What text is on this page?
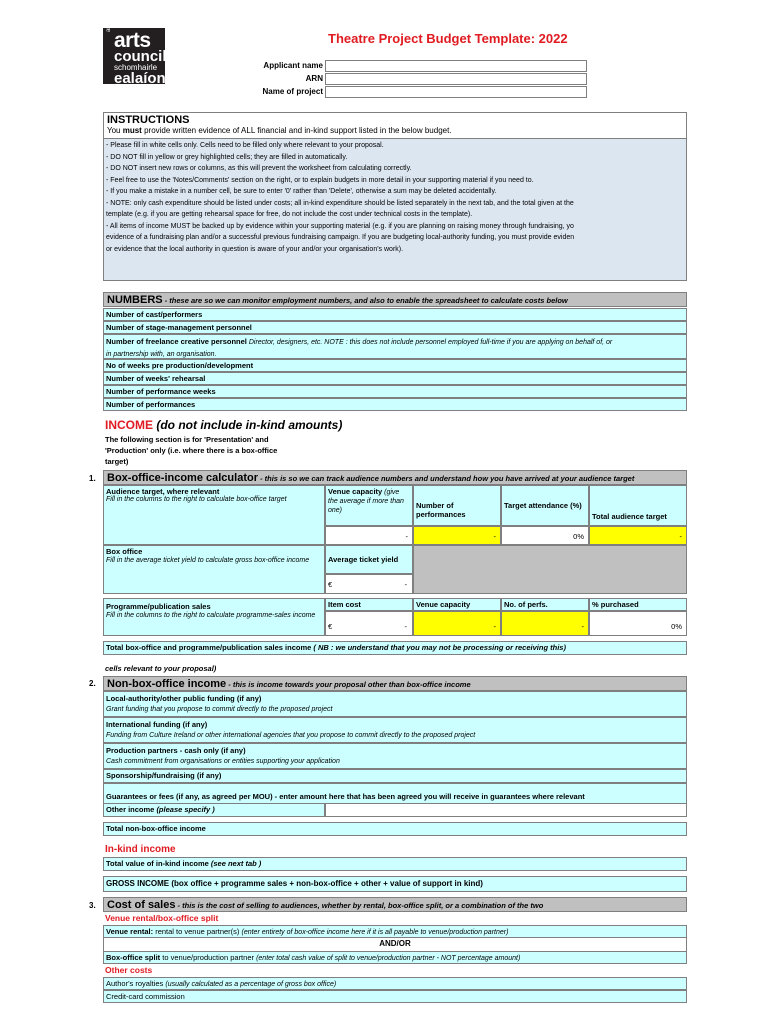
an
arts
council
schomhairle
ealaíon
Theatre Project Budget Template: 2022
Applicant name
ARN
Name of project
INSTRUCTIONS
You must provide written evidence of ALL financial and in-kind support listed in the below budget.
- Please fill in white cells only. Cells need to be filled only where relevant to your proposal.
- DO NOT fill in yellow or grey highlighted cells; they are filled in automatically.
- DO NOT insert new rows or columns, as this will prevent the worksheet from calculating correctly.
- Feel free to use the 'Notes/Comments' section on the right, or to explain budgets in more detail in your supporting material if you need to.
- If you make a mistake in a number cell, be sure to enter '0' rather than 'Delete', otherwise a sum may be deleted accidentally.
- NOTE: only cash expenditure should be listed under costs; all in-kind expenditure should be listed separately in the next tab, and the total given at the
template (e.g. if you are getting rehearsal space for free, do not include the cost under technical costs in the template).
- All items of income MUST be backed up by evidence within your supporting material (e.g. if you are planning on raising money through fundraising, yo
evidence of a fundraising plan and/or a successful previous fundraising campaign. If you are budgeting local-authority funding, you must provide eviden
or evidence that the local authority in question is aware of your and/or your organisation's work).
NUMBERS - these are so we can monitor employment numbers, and also to enable the spreadsheet to calculate costs below
Number of cast/performers
Number of stage-management personnel
Number of freelance creative personnel Director, designers, etc. NOTE : this does not include personnel employed full-time if you are applying on behalf of, or
in partnership with, an organisation.
No of weeks pre production/development
Number of weeks' rehearsal
Number of performance weeks
Number of performances
INCOME (do not include in-kind amounts)
The following section is for 'Presentation' and 'Production' only (i.e. where there is a box-office target)
1.	Box-office-income calculator - this is so we can track audience numbers and understand how you have arrived at your audience target
Audience target, where relevant
Fill in the columns to the right to calculate box-office target
Venue capacity (give the average if more than one)
Number of performances
Target attendance (%)
Total audience target
-	-	0%	-
Box office
Fill in the average ticket yield to calculate gross box-office income	Average ticket yield
€	-
Programme/publication sales
Fill in the columns to the right to calculate programme-sales income
Item cost	Venue capacity	No. of perfs.	% purchased
€	-	-	-	0%
Total box-office and programme/publication sales income ( NB : we understand that you may not be processing or receiving this)
cells relevant to your proposal)
2.	Non-box-office income - this is income towards your proposal other than box-office income
Local-authority/other public funding (if any)
Grant funding that you propose to commit directly to the proposed project
International funding (if any)
Funding from Culture Ireland or other international agencies that you propose to commit directly to the proposed project
Production partners - cash only (if any)
Cash commitment from organisations or entities supporting your application
Sponsorship/fundraising (if any)
Guarantees or fees (if any, as agreed per MOU) - enter amount here that has been agreed you will receive in guarantees where relevant
Other income (please specify )
Total non-box-office income
In-kind income
Total value of in-kind income (see next tab )
GROSS INCOME (box office + programme sales + non-box-office + other + value of support in kind)
3.	Cost of sales - this is the cost of selling to audiences, whether by rental, box-office split, or a combination of the two
Venue rental/box-office split
Venue rental: rental to venue partner(s) (enter entirety of box-office income here if it is all payable to venue/production partner)
AND/OR
Box-office split to venue/production partner (enter total cash value of split to venue/production partner - NOT percentage amount)
Other costs
Author's royalties (usually calculated as a percentage of gross box office)
Credit-card commission
